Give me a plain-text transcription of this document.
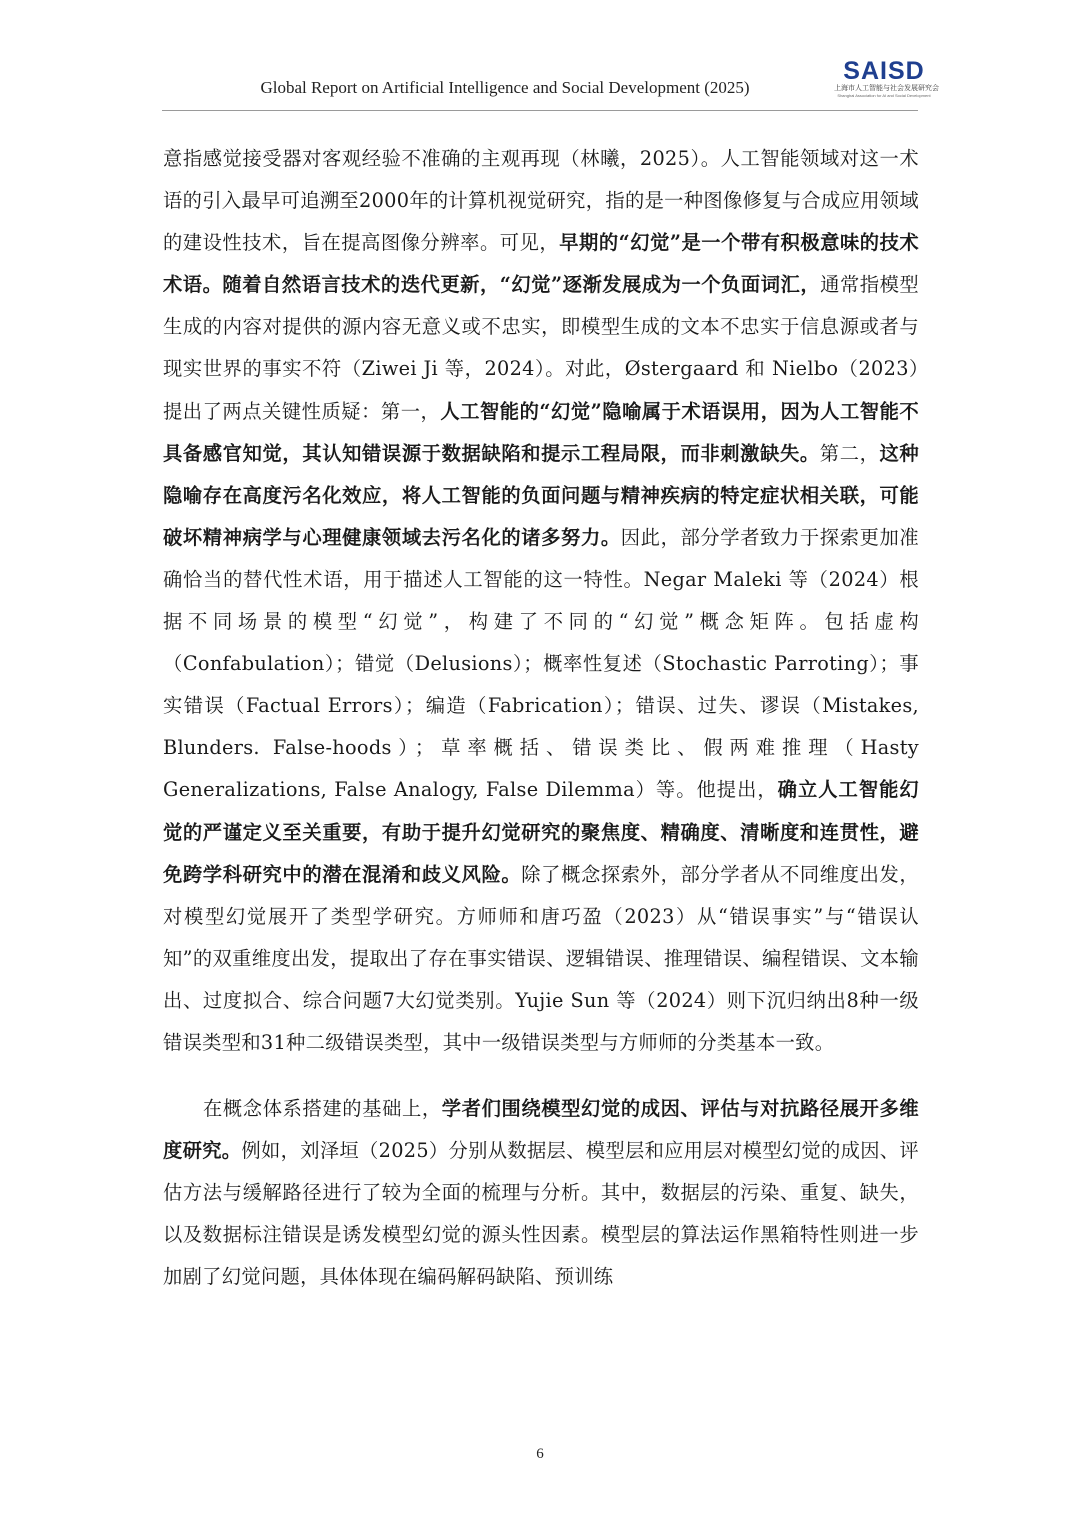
Global Report on Artificial Intelligence and Social Development (2025)
SAISD
上海市人工智能与社会发展研究会
Shanghai Association for AI and Social Development

意指感觉接受器对客观经验不准确的主观再现（林曦，2025）。人工智能领域对这一术语的引入最早可追溯至2000年的计算机视觉研究，指的是一种图像修复与合成应用领域的建设性技术，旨在提高图像分辨率。可见，早期的“幻觉”是一个带有积极意味的技术术语。随着自然语言技术的迭代更新，“幻觉”逐渐发展成为一个负面词汇，通常指模型生成的内容对提供的源内容无意义或不忠实，即模型生成的文本不忠实于信息源或者与现实世界的事实不符（Ziwei Ji 等，2024）。对此，Østergaard 和 Nielbo（2023）提出了两点关键性质疑：第一，人工智能的“幻觉”隐喻属于术语误用，因为人工智能不具备感官知觉，其认知错误源于数据缺陷和提示工程局限，而非刺激缺失。第二，这种隐喻存在高度污名化效应，将人工智能的负面问题与精神疾病的特定症状相关联，可能破坏精神病学与心理健康领域去污名化的诸多努力。因此，部分学者致力于探索更加准确恰当的替代性术语，用于描述人工智能的这一特性。Negar Maleki 等（2024）根据不同场景的模型“幻觉”，构建了不同的“幻觉”概念矩阵。包括虚构（Confabulation）；错觉（Delusions）；概率性复述（Stochastic Parroting）；事实错误（Factual Errors）；编造（Fabrication）；错误、过失、谬误（Mistakes, Blunders. False-hoods）；草率概括、错误类比、假两难推理（Hasty Generalizations, False Analogy, False Dilemma）等。他提出，确立人工智能幻觉的严谨定义至关重要，有助于提升幻觉研究的聚焦度、精确度、清晰度和连贯性，避免跨学科研究中的潜在混淆和歧义风险。除了概念探索外，部分学者从不同维度出发，对模型幻觉展开了类型学研究。方师师和唐巧盈（2023）从“错误事实”与“错误认知”的双重维度出发，提取出了存在事实错误、逻辑错误、推理错误、编程错误、文本输出、过度拟合、综合问题7大幻觉类别。Yujie Sun 等（2024）则下沉归纳出8种一级错误类型和31种二级错误类型，其中一级错误类型与方师师的分类基本一致。

在概念体系搭建的基础上，学者们围绕模型幻觉的成因、评估与对抗路径展开多维度研究。例如，刘泽垣（2025）分别从数据层、模型层和应用层对模型幻觉的成因、评估方法与缓解路径进行了较为全面的梳理与分析。其中，数据层的污染、重复、缺失，以及数据标注错误是诱发模型幻觉的源头性因素。模型层的算法运作黑箱特性则进一步加剧了幻觉问题，具体体现在编码解码缺陷、预训练

6
